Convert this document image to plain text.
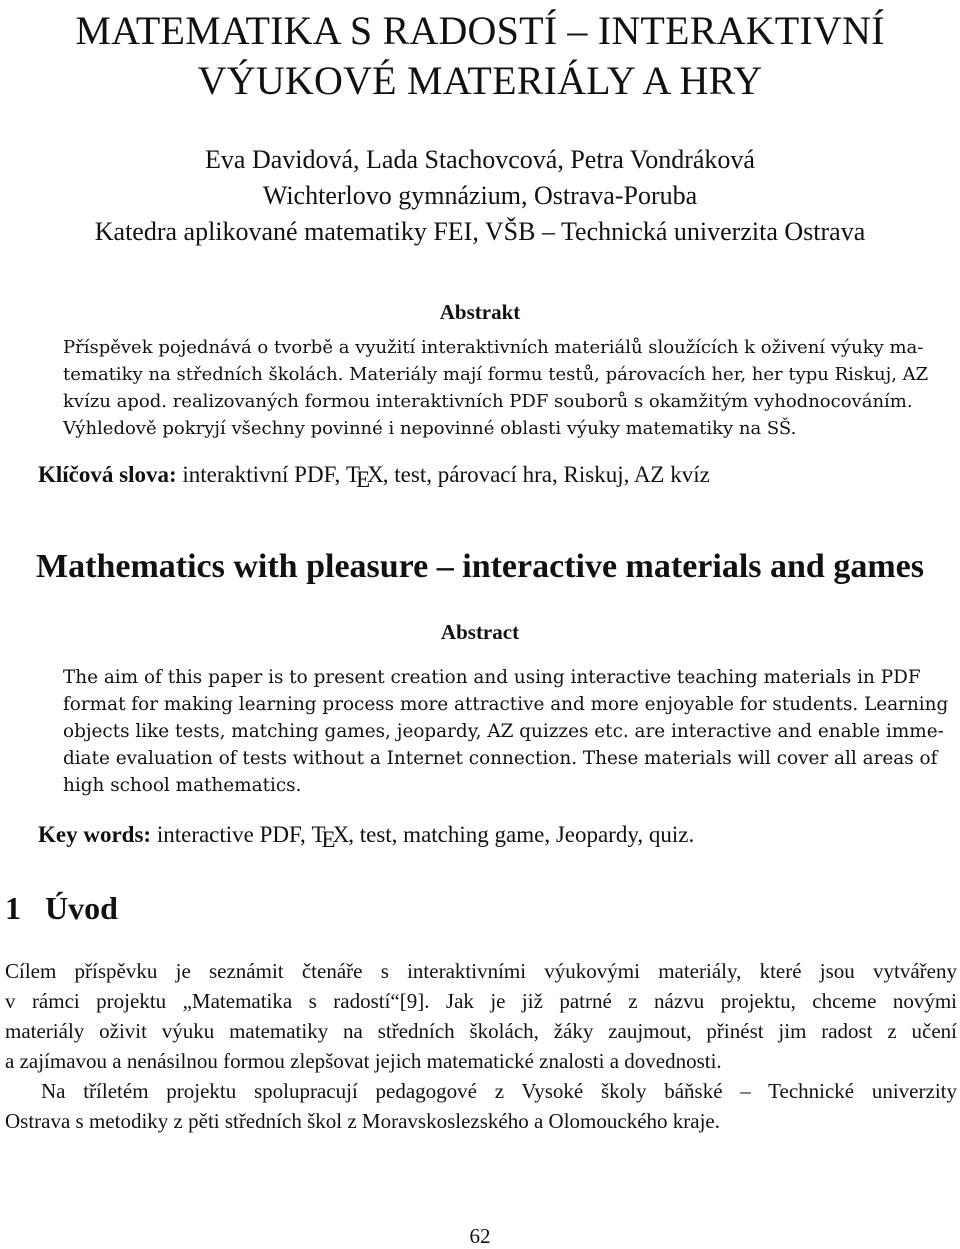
MATEMATIKA S RADOSTÍ – INTERAKTIVNÍ
VÝUKOVÉ MATERIÁLY A HRY
Eva Davidová, Lada Stachovcová, Petra Vondráková
Wichterlovo gymnázium, Ostrava-Poruba
Katedra aplikované matematiky FEI, VŠB – Technická univerzita Ostrava
Abstrakt
Příspěvek pojednává o tvorbě a využití interaktivních materiálů sloužících k oživení výuky ma-
tematiky na středních školách. Materiály mají formu testů, párovacích her, her typu Riskuj, AZ
kvízu apod. realizovaných formou interaktivních PDF souborů s okamžitým vyhodnocováním.
Výhledově pokryjí všechny povinné i nepovinné oblasti výuky matematiky na SŠ.
Klíčová slova: interaktivní PDF, TEX, test, párovací hra, Riskuj, AZ kvíz
Mathematics with pleasure – interactive materials and games
Abstract
The aim of this paper is to present creation and using interactive teaching materials in PDF
format for making learning process more attractive and more enjoyable for students. Learning
objects like tests, matching games, jeopardy, AZ quizzes etc. are interactive and enable imme-
diate evaluation of tests without a Internet connection. These materials will cover all areas of
high school mathematics.
Key words: interactive PDF, TEX, test, matching game, Jeopardy, quiz.
1 Úvod
Cílem příspěvku je seznámit čtenáře s interaktivními výukovými materiály, které jsou vytvářeny
v rámci projektu „Matematika s radostí“[9]. Jak je již patrné z názvu projektu, chceme novými
materiály oživit výuku matematiky na středních školách, žáky zaujmout, přinést jim radost z učení
a zajímavou a nenásilnou formou zlepšovat jejich matematické znalosti a dovednosti.
Na tříletém projektu spolupracují pedagogové z Vysoké školy báňské – Technické univerzity
Ostrava s metodiky z pěti středních škol z Moravskoslezského a Olomouckého kraje.
62
